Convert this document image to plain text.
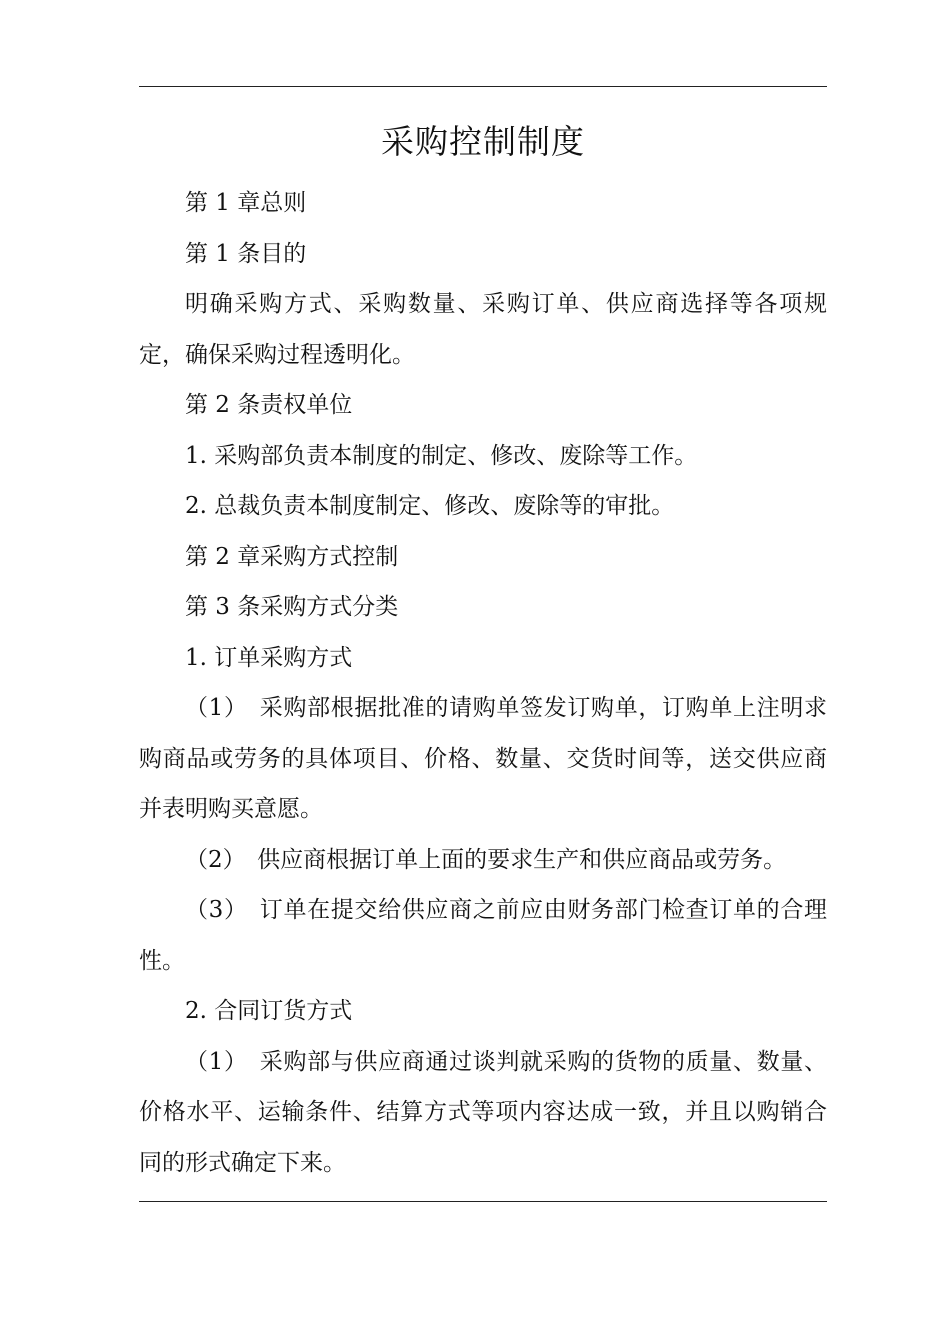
采购控制制度

第 1 章总则

第 1 条目的

明确采购方式、采购数量、采购订单、供应商选择等各项规定，确保采购过程透明化。

第 2 条责权单位

1. 采购部负责本制度的制定、修改、废除等工作。

2. 总裁负责本制度制定、修改、废除等的审批。

第 2 章采购方式控制

第 3 条采购方式分类

1. 订单采购方式

（1）　采购部根据批准的请购单签发订购单，订购单上注明求购商品或劳务的具体项目、价格、数量、交货时间等，送交供应商并表明购买意愿。

（2）　供应商根据订单上面的要求生产和供应商品或劳务。

（3）　订单在提交给供应商之前应由财务部门检查订单的合理性。

2. 合同订货方式

（1）　采购部与供应商通过谈判就采购的货物的质量、数量、价格水平、运输条件、结算方式等项内容达成一致，并且以购销合同的形式确定下来。
